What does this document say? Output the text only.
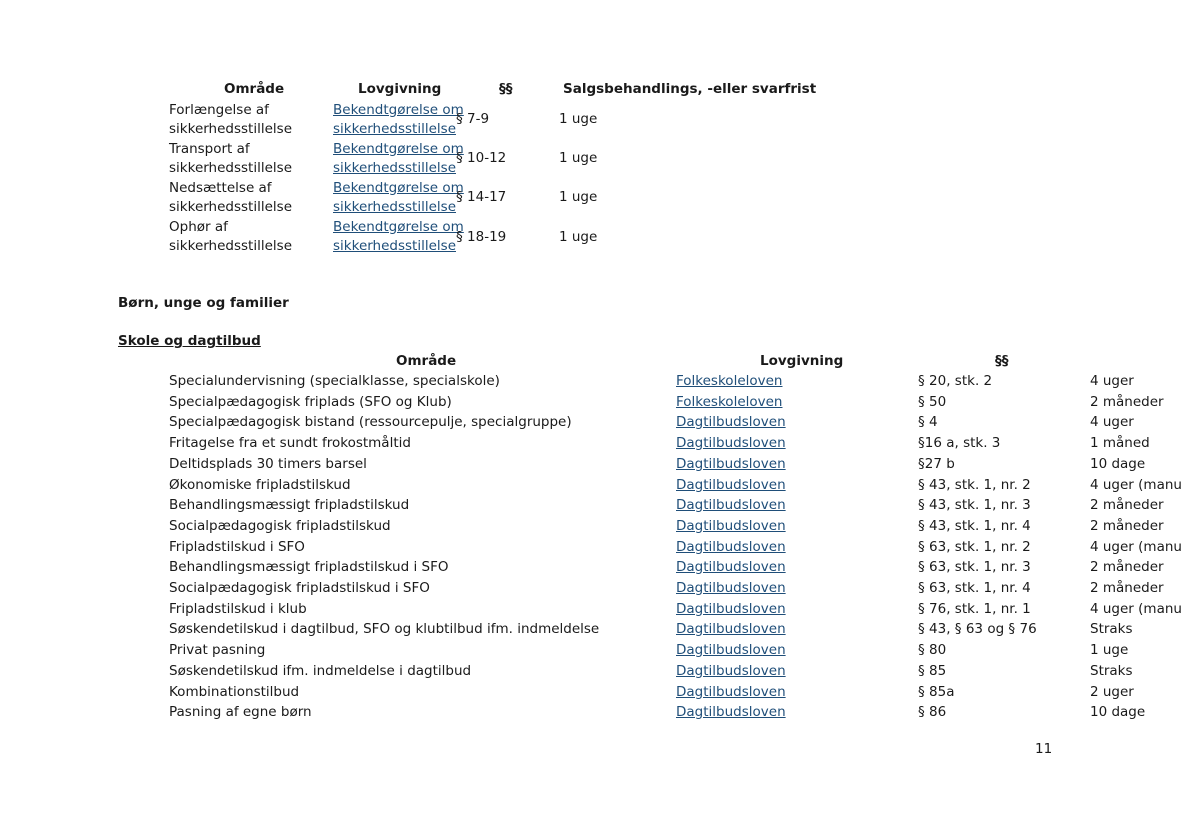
Område	Lovgivning	§§	Salgsbehandlings, -eller svarfrist
Forlængelse af
sikkerhedsstillelse
Bekendtgørelse om
sikkerhedsstillelse
§ 7-9	1 uge
Transport af
sikkerhedsstillelse
Bekendtgørelse om
sikkerhedsstillelse
§ 10-12	1 uge
Nedsættelse af
sikkerhedsstillelse
Bekendtgørelse om
sikkerhedsstillelse
§ 14-17	1 uge
Ophør af
sikkerhedsstillelse
Bekendtgørelse om
sikkerhedsstillelse
§ 18-19	1 uge
Børn, unge og familier
Skole og dagtilbud
Område	Lovgivning	§§
Specialundervisning (specialklasse, specialskole)	Folkeskoleloven	§ 20, stk. 2	4 uger
Specialpædagogisk friplads (SFO og Klub)	Folkeskoleloven	§ 50	2 måneder
Specialpædagogisk bistand (ressourcepulje, specialgruppe)	Dagtilbudsloven	§ 4	4 uger
Fritagelse fra et sundt frokostmåltid	Dagtilbudsloven	§16 a, stk. 3	1 måned
Deltidsplads 30 timers barsel	Dagtilbudsloven	§27 b	10 dage
Økonomiske fripladstilskud	Dagtilbudsloven	§ 43, stk. 1, nr. 2	4 uger (manu
Behandlingsmæssigt fripladstilskud	Dagtilbudsloven	§ 43, stk. 1, nr. 3	2 måneder
Socialpædagogisk fripladstilskud	Dagtilbudsloven	§ 43, stk. 1, nr. 4	2 måneder
Fripladstilskud i SFO	Dagtilbudsloven	§ 63, stk. 1, nr. 2	4 uger (manu
Behandlingsmæssigt fripladstilskud i SFO	Dagtilbudsloven	§ 63, stk. 1, nr. 3	2 måneder
Socialpædagogisk fripladstilskud i SFO	Dagtilbudsloven	§ 63, stk. 1, nr. 4	2 måneder
Fripladstilskud i klub	Dagtilbudsloven	§ 76, stk. 1, nr. 1	4 uger (manu
Søskendetilskud i dagtilbud, SFO og klubtilbud ifm. indmeldelse	Dagtilbudsloven	§ 43, § 63 og § 76	Straks
Privat pasning	Dagtilbudsloven	§ 80	1 uge
Søskendetilskud ifm. indmeldelse i dagtilbud	Dagtilbudsloven	§ 85	Straks
Kombinationstilbud	Dagtilbudsloven	§ 85a	2 uger
Pasning af egne børn	Dagtilbudsloven	§ 86	10 dage
11
